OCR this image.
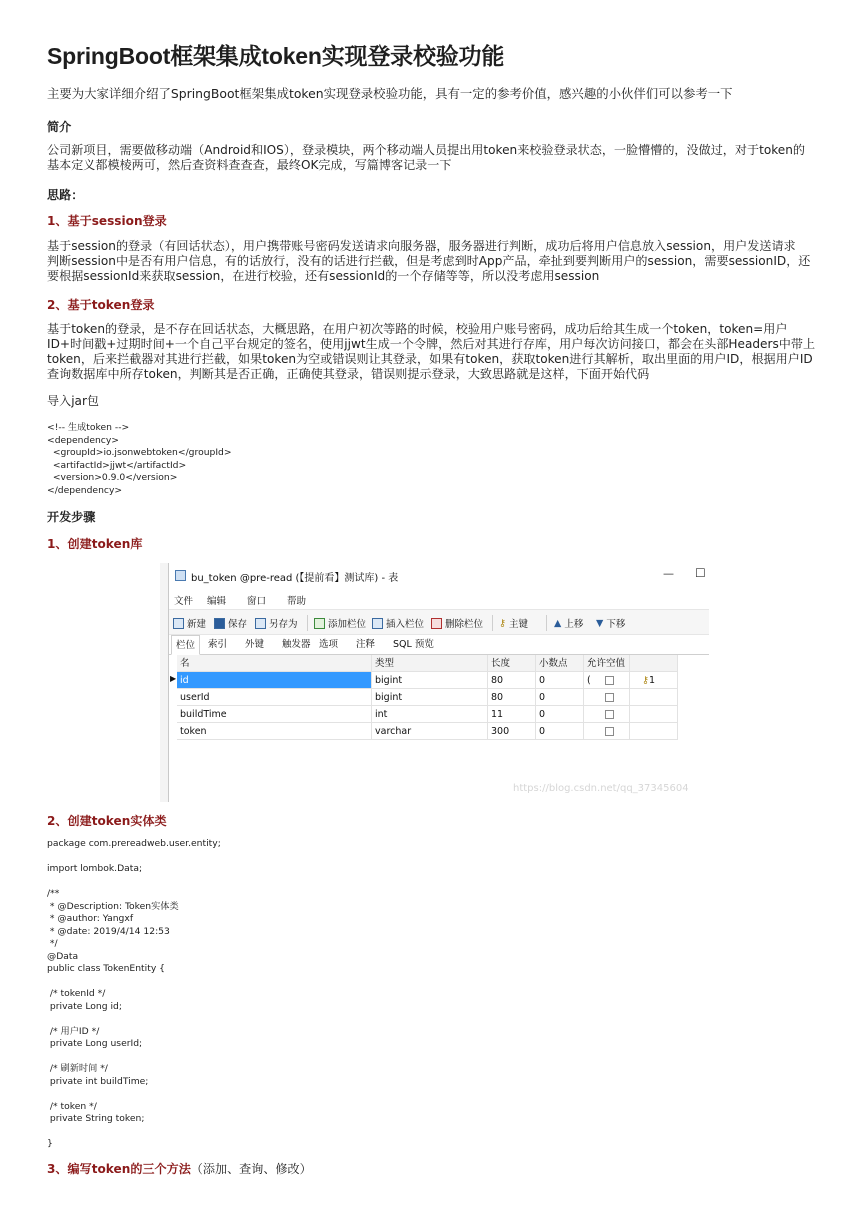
SpringBoot框架集成token实现登录校验功能
主要为大家详细介绍了SpringBoot框架集成token实现登录校验功能，具有一定的参考价值，感兴趣的小伙伴们可以参考一下
简介
公司新项目，需要做移动端（Android和IOS），登录模块，两个移动端人员提出用token来校验登录状态，一脸懵懵的，没做过，对于token的
基本定义都模棱两可，然后查资料查查查，最终OK完成，写篇博客记录一下
思路：
1、基于session登录
基于session的登录（有回话状态），用户携带账号密码发送请求向服务器，服务器进行判断，成功后将用户信息放入session，用户发送请求
判断session中是否有用户信息，有的话放行，没有的话进行拦截，但是考虑到时App产品，牵扯到要判断用户的session，需要sessionID，还
要根据sessionId来获取session，在进行校验，还有sessionId的一个存储等等，所以没考虑用session
2、基于token登录
基于token的登录，是不存在回话状态，大概思路，在用户初次等路的时候，校验用户账号密码，成功后给其生成一个token，token=用户
ID+时间戳+过期时间+一个自己平台规定的签名，使用jjwt生成一个令牌，然后对其进行存库，用户每次访问接口，都会在头部Headers中带上
token，后来拦截器对其进行拦截，如果token为空或错误则让其登录，如果有token，获取token进行其解析，取出里面的用户ID，根据用户ID
查询数据库中所存token，判断其是否正确，正确使其登录，错误则提示登录，大致思路就是这样，下面开始代码
导入jar包
<!-- 生成token -->
<dependency>
<groupId>io.jsonwebtoken</groupId>
<artifactId>jjwt</artifactId>
<version>0.9.0</version>
</dependency>
开发步骤
1、创建token库
bu_token @pre-read (【提前看】测试库) - 表	— ☐
文件 编辑 窗口 帮助
新建 保存 另存为	添加栏位 插入栏位 删除栏位 ⚷ 主键	▲ 上移 ▼ 下移
栏位	索引	外键	触发器 选项	注释	SQL 预览
名	类型	长度	小数点	允许空值 (
▶ id	bigint	80	0	⚷1
userId	bigint	80	0
buildTime	int	11	0
token	varchar	300	0
https://blog.csdn.net/qq_37345604
2、创建token实体类
package com.prereadweb.user.entity;

import lombok.Data;

/**
* @Description: Token实体类
* @author: Yangxf
* @date: 2019/4/14 12:53
*/
@Data
public class TokenEntity {

/* tokenId */
private Long id;

/* 用户ID */
private Long userId;

/* 刷新时间 */
private int buildTime;

/* token */
private String token;

}
3、编写token的三个方法（添加、查询、修改）
